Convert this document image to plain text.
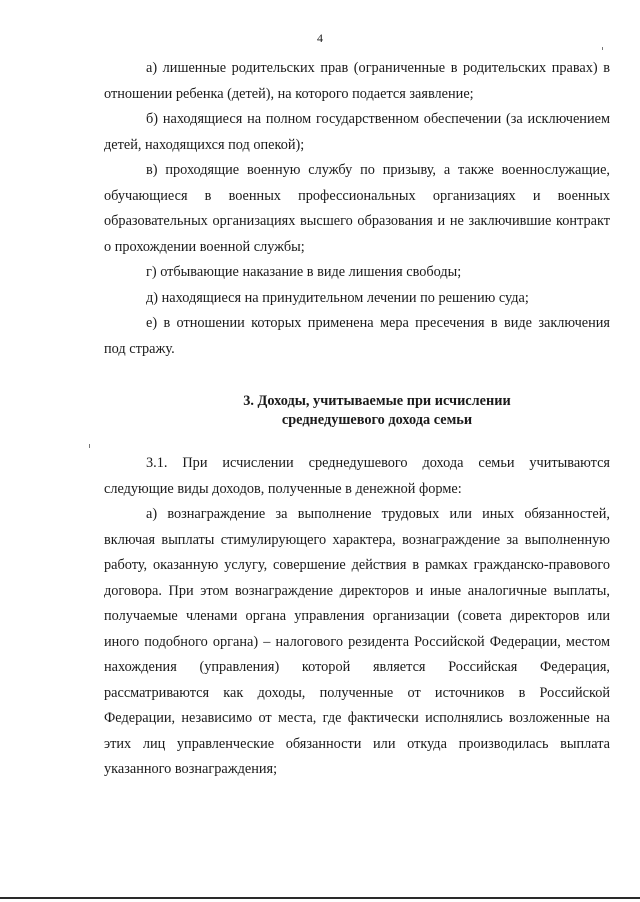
4

а) лишенные родительских прав (ограниченные в родительских правах) в отношении ребенка (детей), на которого подается заявление;

б) находящиеся на полном государственном обеспечении (за исключением детей, находящихся под опекой);

в) проходящие военную службу по призыву, а также военнослужащие, обучающиеся в военных профессиональных организациях и военных образовательных организациях высшего образования и не заключившие контракт о прохождении военной службы;

г) отбывающие наказание в виде лишения свободы;

д) находящиеся на принудительном лечении по решению суда;

е) в отношении которых применена мера пресечения в виде заключения под стражу.

3. Доходы, учитываемые при исчислении
среднедушевого дохода семьи

3.1. При исчислении среднедушевого дохода семьи учитываются следующие виды доходов, полученные в денежной форме:

а) вознаграждение за выполнение трудовых или иных обязанностей, включая выплаты стимулирующего характера, вознаграждение за выполненную работу, оказанную услугу, совершение действия в рамках гражданско-правового договора. При этом вознаграждение директоров и иные аналогичные выплаты, получаемые членами органа управления организации (совета директоров или иного подобного органа) – налогового резидента Российской Федерации, местом нахождения (управления) которой является Российская Федерация, рассматриваются как доходы, полученные от источников в Российской Федерации, независимо от места, где фактически исполнялись возложенные на этих лиц управленческие обязанности или откуда производилась выплата указанного вознаграждения;
